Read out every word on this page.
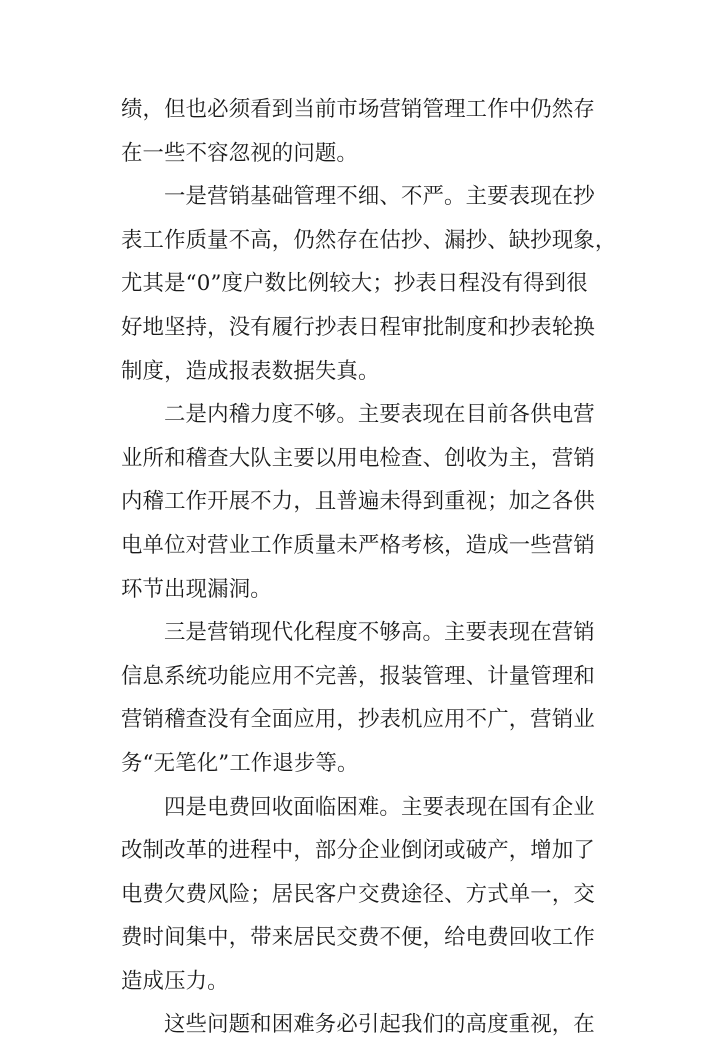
绩，但也必须看到当前市场营销管理工作中仍然存
在一些不容忽视的问题。
一是营销基础管理不细、不严。主要表现在抄
表工作质量不高，仍然存在估抄、漏抄、缺抄现象，
尤其是“0”度户数比例较大；抄表日程没有得到很
好地坚持，没有履行抄表日程审批制度和抄表轮换
制度，造成报表数据失真。
二是内稽力度不够。主要表现在目前各供电营
业所和稽查大队主要以用电检查、创收为主，营销
内稽工作开展不力，且普遍未得到重视；加之各供
电单位对营业工作质量未严格考核，造成一些营销
环节出现漏洞。
三是营销现代化程度不够高。主要表现在营销
信息系统功能应用不完善，报装管理、计量管理和
营销稽查没有全面应用，抄表机应用不广，营销业
务“无笔化”工作退步等。
四是电费回收面临困难。主要表现在国有企业
改制改革的进程中，部分企业倒闭或破产，增加了
电费欠费风险；居民客户交费途径、方式单一，交
费时间集中，带来居民交费不便，给电费回收工作
造成压力。
这些问题和困难务必引起我们的高度重视，在
